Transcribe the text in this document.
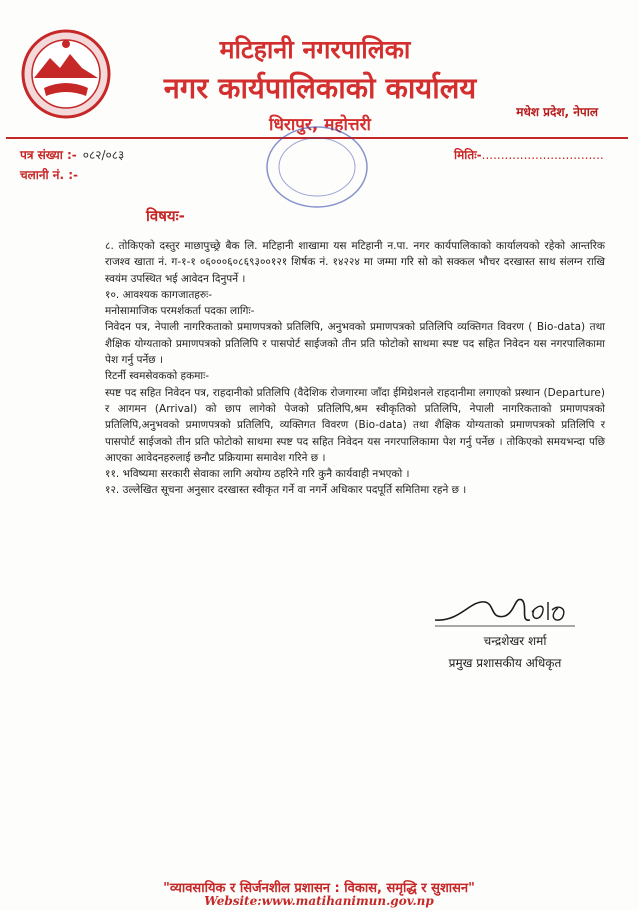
मटिहानी नगरपालिका
नगर कार्यपालिकाको कार्यालय
धिरापुर, महोत्तरी
मधेश प्रदेश, नेपाल
पत्र संख्या :- ०८२/०८३
चलानी नं. :-
मितिः-................................
विषयः-

८. तोकिएको दस्तुर माछापुच्छ्रे बैक लि. मटिहानी शाखामा यस मटिहानी न.पा. नगर कार्यपालिकाको कार्यालयको रहेको आन्तरिक राजश्व खाता नं. ग-१-१ ०६०००६०८६९३००१२१ शिर्षक नं. १४२२४ मा जम्मा गरि सो को सक्कल भौचर दरखास्त साथ संलग्न राखि स्वयंम उपस्थित भई आवेदन दिनुपर्ने ।

१०. आवश्यक कागजातहरुः-

मनोसामाजिक परमर्शकर्ता पदका लागिः-

निवेदन पत्र, नेपाली नागरिकताको प्रमाणपत्रको प्रतिलिपि, अनुभवको प्रमाणपत्रको प्रतिलिपि व्यक्तिगत विवरण ( Bio-data) तथा शैक्षिक योग्यताको प्रमाणपत्रको प्रतिलिपि र पासपोर्ट साईजको तीन प्रति फोटोको साथमा स्पष्ट पद सहित निवेदन यस नगरपालिकामा पेश गर्नु पर्नेछ ।

रिटर्नी स्वमसेवकको हकमाः-

स्पष्ट पद सहित निवेदन पत्र, राहदानीको प्रतिलिपि (वैदेशिक रोजगारमा जाँदा ईमिग्रेशनले राहदानीमा लगाएको प्रस्थान (Departure) र आगमन (Arrival) को छाप लागेको पेजको प्रतिलिपि,श्रम स्वीकृतिको प्रतिलिपि, नेपाली नागरिकताको प्रमाणपत्रको प्रतिलिपि,अनुभवको प्रमाणपत्रको प्रतिलिपि, व्यक्तिगत विवरण (Bio-data) तथा शैक्षिक योग्यताको प्रमाणपत्रको प्रतिलिपि र पासपोर्ट साईजको तीन प्रति फोटोको साथमा स्पष्ट पद सहित निवेदन यस नगरपालिकामा पेश गर्नु पर्नेछ । तोकिएको समयभन्दा पछि आएका आवेदनहरुलाई छनौट प्रक्रियामा समावेश गरिने छ ।

११. भविष्यमा सरकारी सेवाका लागि अयोग्य ठहरिने गरि कुनै कार्यवाही नभएको ।

१२. उल्लेखित सूचना अनुसार दरखास्त स्वीकृत गर्ने वा नगर्ने अधिकार पदपूर्ति समितिमा रहने छ ।

चन्द्रशेखर शर्मा
प्रमुख प्रशासकीय अधिकृत
"व्यावसायिक र सिर्जनशील प्रशासन : विकास, समृद्धि र सुशासन"
Website:www.matihanimun.gov.np
